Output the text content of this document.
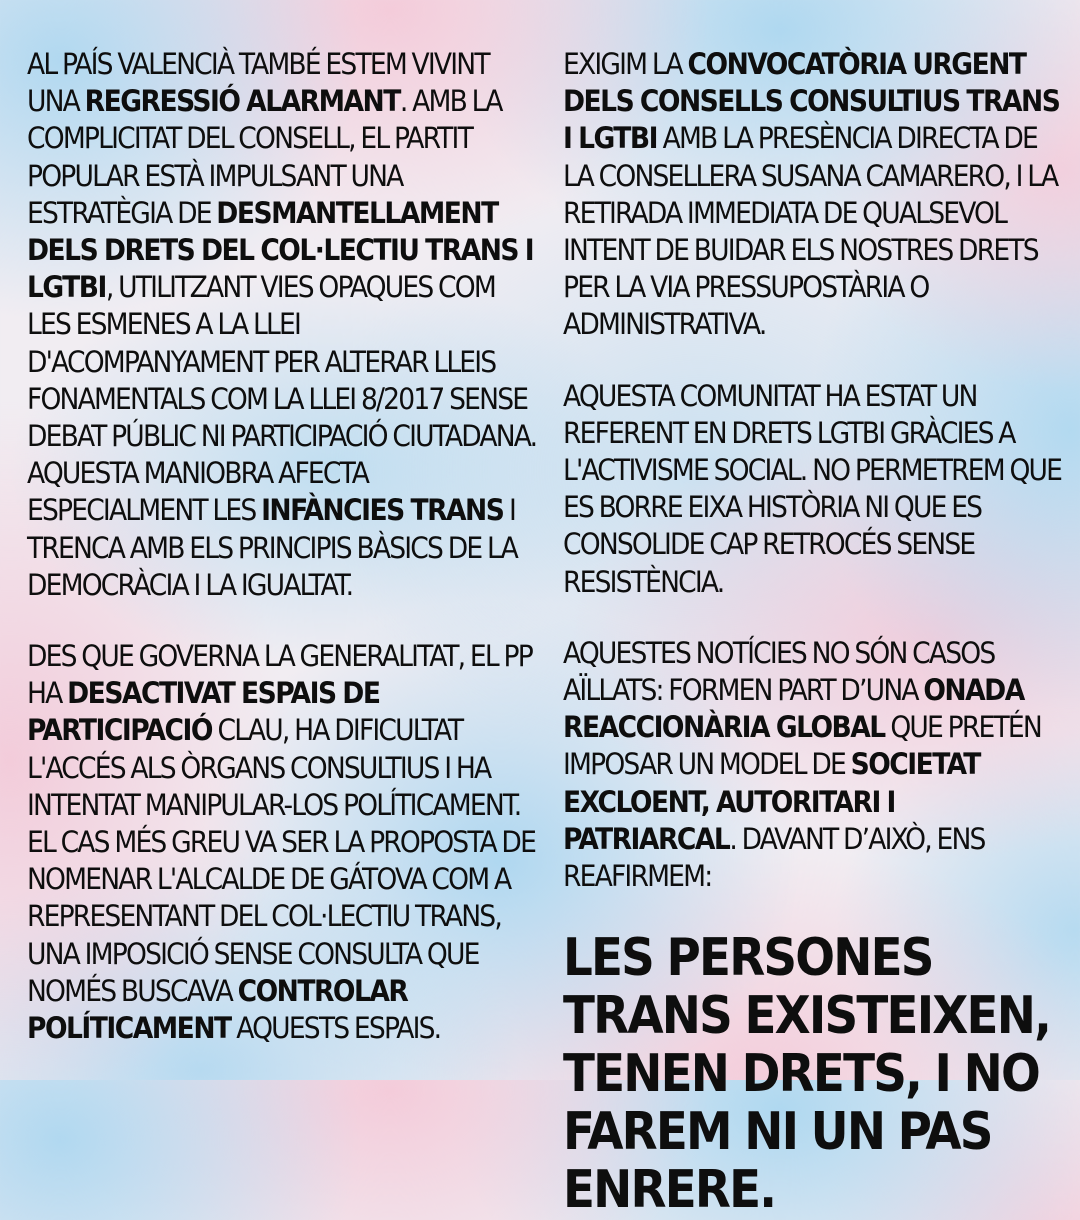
AL PAÍS VALENCIÀ TAMBÉ ESTEM VIVINT UNA REGRESSIÓ ALARMANT. AMB LA COMPLICITAT DEL CONSELL, EL PARTIT POPULAR ESTÀ IMPULSANT UNA ESTRATÈGIA DE DESMANTELLAMENT DELS DRETS DEL COL·LECTIU TRANS I LGTBI, UTILITZANT VIES OPAQUES COM LES ESMENES A LA LLEI D'ACOMPANYAMENT PER ALTERAR LLEIS FONAMENTALS COM LA LLEI 8/2017 SENSE DEBAT PÚBLIC NI PARTICIPACIÓ CIUTADANA. AQUESTA MANIOBRA AFECTA ESPECIALMENT LES INFÀNCIES TRANS I TRENCA AMB ELS PRINCIPIS BÀSICS DE LA DEMOCRÀCIA I LA IGUALTAT.

DES QUE GOVERNA LA GENERALITAT, EL PP HA DESACTIVAT ESPAIS DE PARTICIPACIÓ CLAU, HA DIFICULTAT L'ACCÉS ALS ÒRGANS CONSULTIUS I HA INTENTAT MANIPULAR-LOS POLÍTICAMENT. EL CAS MÉS GREU VA SER LA PROPOSTA DE NOMENAR L'ALCALDE DE GÁTOVA COM A REPRESENTANT DEL COL·LECTIU TRANS, UNA IMPOSICIÓ SENSE CONSULTA QUE NOMÉS BUSCAVA CONTROLAR POLÍTICAMENT AQUESTS ESPAIS.

EXIGIM LA CONVOCATÒRIA URGENT DELS CONSELLS CONSULTIUS TRANS I LGTBI AMB LA PRESÈNCIA DIRECTA DE LA CONSELLERA SUSANA CAMARERO, I LA RETIRADA IMMEDIATA DE QUALSEVOL INTENT DE BUIDAR ELS NOSTRES DRETS PER LA VIA PRESSUPOSTÀRIA O ADMINISTRATIVA.

AQUESTA COMUNITAT HA ESTAT UN REFERENT EN DRETS LGTBI GRÀCIES A L'ACTIVISME SOCIAL. NO PERMETREM QUE ES BORRE EIXA HISTÒRIA NI QUE ES CONSOLIDE CAP RETROCÉS SENSE RESISTÈNCIA.

AQUESTES NOTÍCIES NO SÓN CASOS AÏLLATS: FORMEN PART D’UNA ONADA REACCIONÀRIA GLOBAL QUE PRETÉN IMPOSAR UN MODEL DE SOCIETAT EXCLOENT, AUTORITARI I PATRIARCAL. DAVANT D’AIXÒ, ENS REAFIRMEM:

LES PERSONES TRANS EXISTEIXEN, TENEN DRETS, I NO FAREM NI UN PAS ENRERE.
